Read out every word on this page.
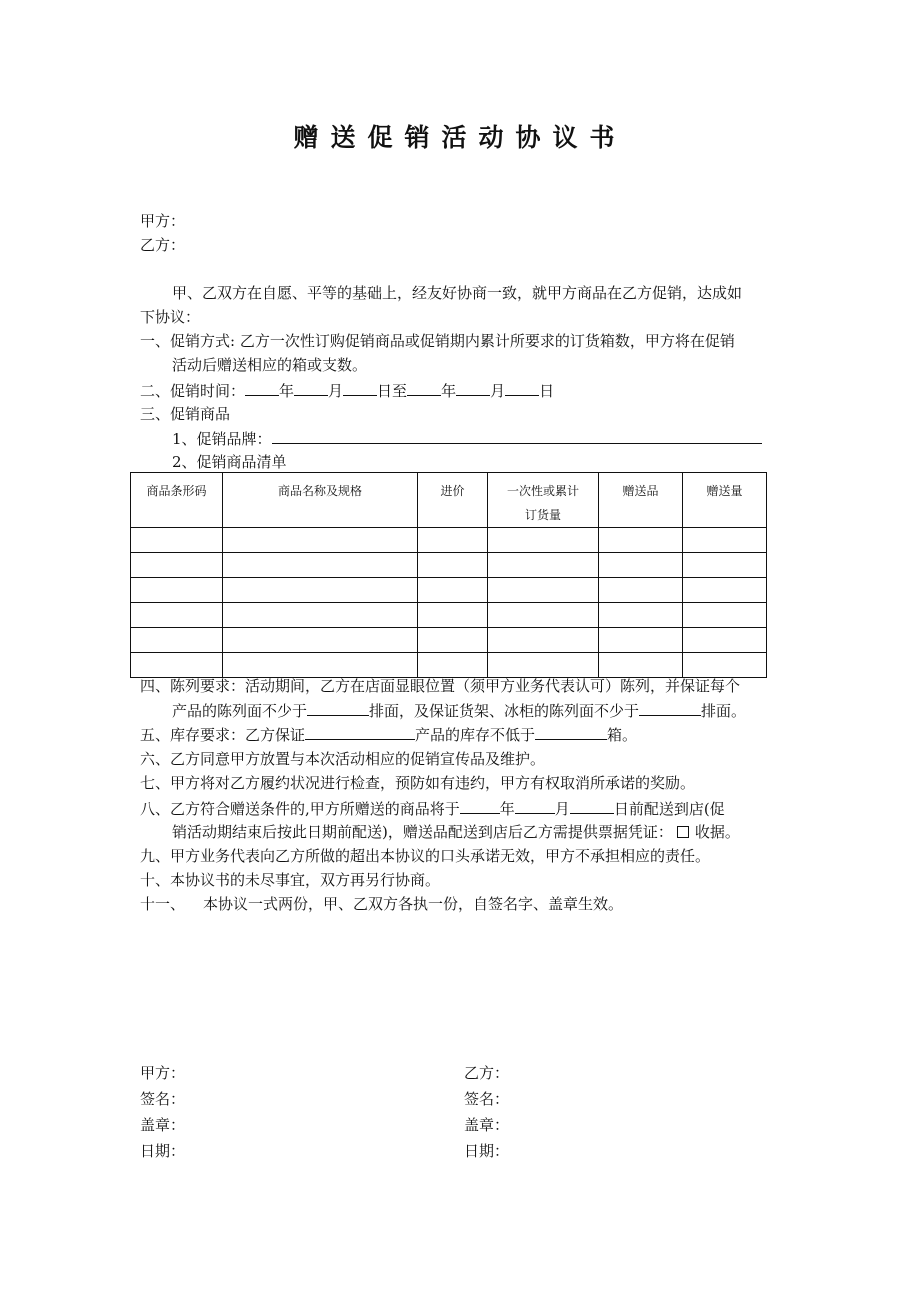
赠送促销活动协议书
甲方：
乙方：
甲、乙双方在自愿、平等的基础上，经友好协商一致，就甲方商品在乙方促销，达成如
下协议：
一、促销方式: 乙方一次性订购促销商品或促销期内累计所要求的订货箱数，甲方将在促销
活动后赠送相应的箱或支数。
二、促销时间： 年 月 日至 年 月 日
三、促销商品
1、促销品牌：
2、促销商品清单
商品条形码	商品名称及规格	进价	一次性或累计订货量	赠送品	赠送量

四、陈列要求：活动期间，乙方在店面显眼位置（须甲方业务代表认可）陈列，并保证每个
产品的陈列面不少于	排面，及保证货架、冰柜的陈列面不少于	排面。
五、库存要求：乙方保证	产品的库存不低于	箱。
六、乙方同意甲方放置与本次活动相应的促销宣传品及维护。
七、甲方将对乙方履约状况进行检查，预防如有违约，甲方有权取消所承诺的奖励。
八、乙方符合赠送条件的,甲方所赠送的商品将于	年	月	日前配送到店(促
销活动期结束后按此日期前配送)，赠送品配送到店后乙方需提供票据凭证： 收据。
九、甲方业务代表向乙方所做的超出本协议的口头承诺无效，甲方不承担相应的责任。
十、本协议书的未尽事宜，双方再另行协商。
十一、 本协议一式两份，甲、乙双方各执一份，自签名字、盖章生效。
甲方：
签名：
盖章：
日期：
乙方：
签名：
盖章：
日期：
